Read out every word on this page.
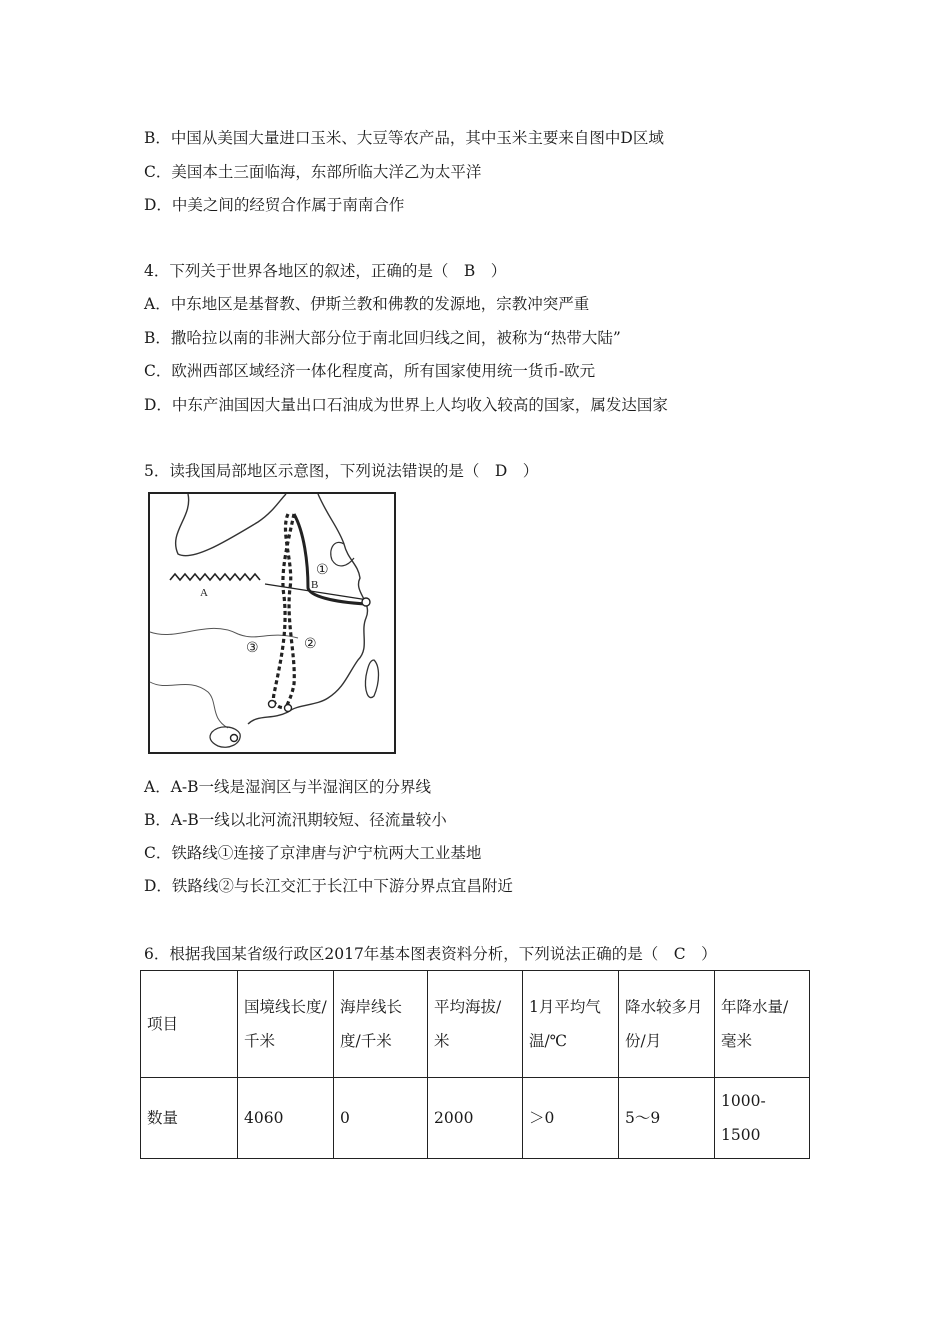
B．中国从美国大量进口玉米、大豆等农产品，其中玉米主要来自图中D区域
C．美国本土三面临海，东部所临大洋乙为太平洋
D．中美之间的经贸合作属于南南合作
4．下列关于世界各地区的叙述，正确的是（　B　）
A．中东地区是基督教、伊斯兰教和佛教的发源地，宗教冲突严重
B．撒哈拉以南的非洲大部分位于南北回归线之间，被称为“热带大陆”
C．欧洲西部区域经济一体化程度高，所有国家使用统一货币-欧元
D．中东产油国因大量出口石油成为世界上人均收入较高的国家，属发达国家
5．读我国局部地区示意图，下列说法错误的是（　D　）
A
B
①
②
③
A．A-B一线是湿润区与半湿润区的分界线
B．A-B一线以北河流汛期较短、径流量较小
C．铁路线①连接了京津唐与沪宁杭两大工业基地
D．铁路线②与长江交汇于长江中下游分界点宜昌附近
6．根据我国某省级行政区2017年基本图表资料分析，下列说法正确的是（　C　）
项目	国境线长度/千米	海岸线长度/千米	平均海拔/米	1月平均气温/℃	降水较多月份/月	年降水量/毫米
数量	4060	0	2000	＞0	5～9	1000-1500
